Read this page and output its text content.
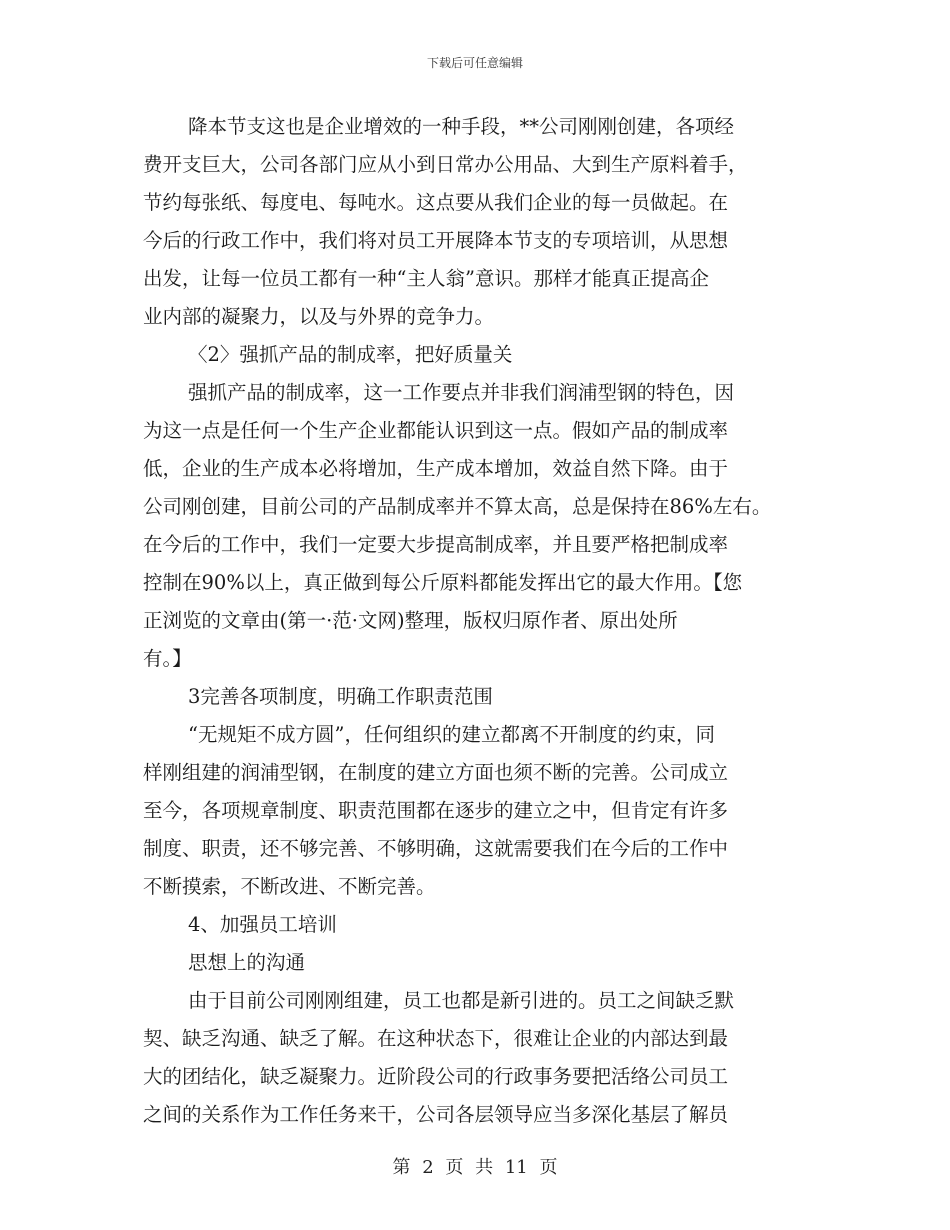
下载后可任意编辑
降本节支这也是企业增效的一种手段，**公司刚刚创建，各项经
费开支巨大，公司各部门应从小到日常办公用品、大到生产原料着手，
节约每张纸、每度电、每吨水。这点要从我们企业的每一员做起。在
今后的行政工作中，我们将对员工开展降本节支的专项培训，从思想
出发，让每一位员工都有一种“主人翁”意识。那样才能真正提高企
业内部的凝聚力，以及与外界的竞争力。
〈2〉强抓产品的制成率，把好质量关
强抓产品的制成率，这一工作要点并非我们润浦型钢的特色，因
为这一点是任何一个生产企业都能认识到这一点。假如产品的制成率
低，企业的生产成本必将增加，生产成本增加，效益自然下降。由于
公司刚创建，目前公司的产品制成率并不算太高，总是保持在86%左右。
在今后的工作中，我们一定要大步提高制成率，并且要严格把制成率
控制在90%以上，真正做到每公斤原料都能发挥出它的最大作用。【您
正浏览的文章由(第一·范·文网)整理，版权归原作者、原出处所
有。】
3完善各项制度，明确工作职责范围
“无规矩不成方圆”，任何组织的建立都离不开制度的约束，同
样刚组建的润浦型钢，在制度的建立方面也须不断的完善。公司成立
至今，各项规章制度、职责范围都在逐步的建立之中，但肯定有许多
制度、职责，还不够完善、不够明确，这就需要我们在今后的工作中
不断摸索，不断改进、不断完善。
4、加强员工培训
思想上的沟通
由于目前公司刚刚组建，员工也都是新引进的。员工之间缺乏默
契、缺乏沟通、缺乏了解。在这种状态下，很难让企业的内部达到最
大的团结化，缺乏凝聚力。近阶段公司的行政事务要把活络公司员工
之间的关系作为工作任务来干，公司各层领导应当多深化基层了解员
第 2 页 共 11 页
